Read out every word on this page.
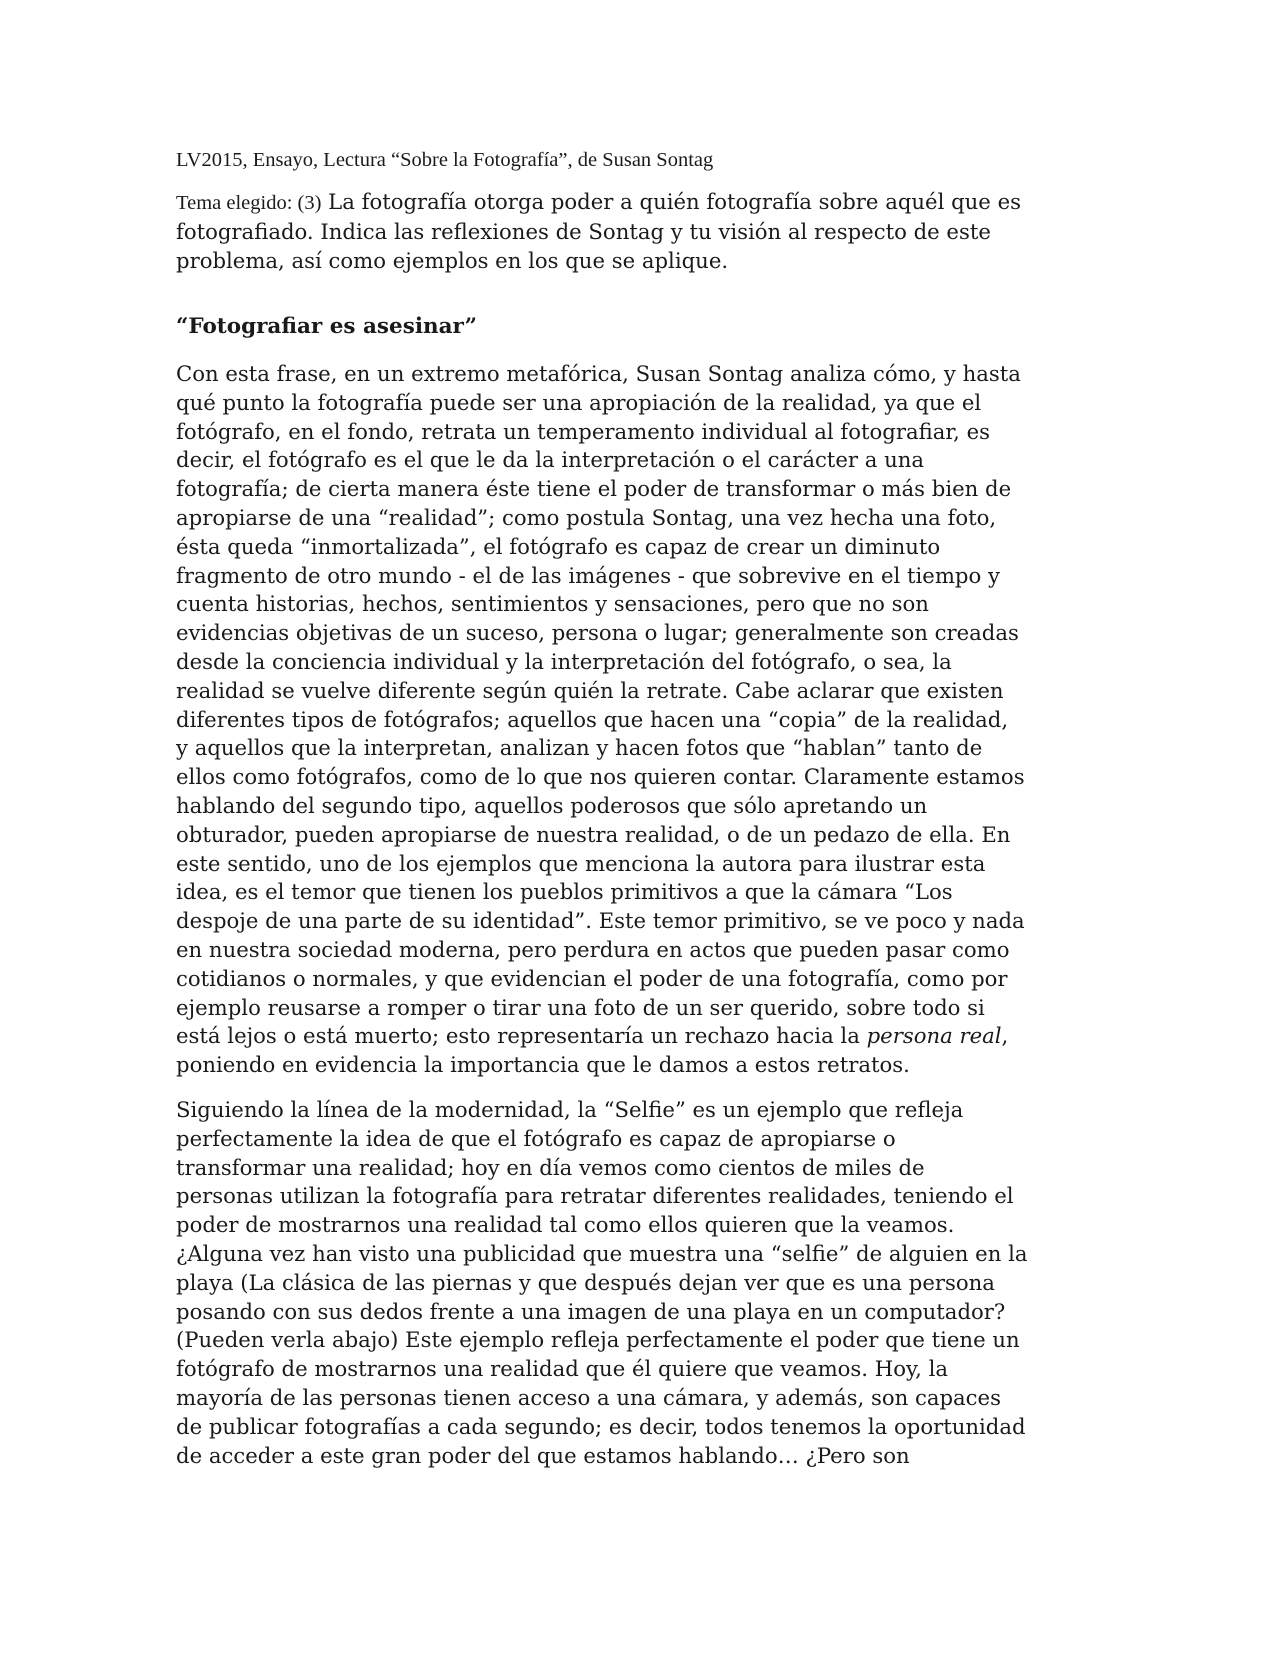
LV2015, Ensayo, Lectura “Sobre la Fotografía”, de Susan Sontag

Tema elegido: (3) La fotografía otorga poder a quién fotografía sobre aquél que es
fotografiado. Indica las reflexiones de Sontag y tu visión al respecto de este
problema, así como ejemplos en los que se aplique.

“Fotografiar es asesinar”

Con esta frase, en un extremo metafórica, Susan Sontag analiza cómo, y hasta
qué punto la fotografía puede ser una apropiación de la realidad, ya que el
fotógrafo, en el fondo, retrata un temperamento individual al fotografiar, es
decir, el fotógrafo es el que le da la interpretación o el carácter a una
fotografía; de cierta manera éste tiene el poder de transformar o más bien de
apropiarse de una “realidad”; como postula Sontag, una vez hecha una foto,
ésta queda “inmortalizada”, el fotógrafo es capaz de crear un diminuto
fragmento de otro mundo - el de las imágenes - que sobrevive en el tiempo y
cuenta historias, hechos, sentimientos y sensaciones, pero que no son
evidencias objetivas de un suceso, persona o lugar; generalmente son creadas
desde la conciencia individual y la interpretación del fotógrafo, o sea, la
realidad se vuelve diferente según quién la retrate. Cabe aclarar que existen
diferentes tipos de fotógrafos; aquellos que hacen una “copia” de la realidad,
y aquellos que la interpretan, analizan y hacen fotos que “hablan” tanto de
ellos como fotógrafos, como de lo que nos quieren contar. Claramente estamos
hablando del segundo tipo, aquellos poderosos que sólo apretando un
obturador, pueden apropiarse de nuestra realidad, o de un pedazo de ella. En
este sentido, uno de los ejemplos que menciona la autora para ilustrar esta
idea, es el temor que tienen los pueblos primitivos a que la cámara “Los
despoje de una parte de su identidad”. Este temor primitivo, se ve poco y nada
en nuestra sociedad moderna, pero perdura en actos que pueden pasar como
cotidianos o normales, y que evidencian el poder de una fotografía, como por
ejemplo reusarse a romper o tirar una foto de un ser querido, sobre todo si
está lejos o está muerto; esto representaría un rechazo hacia la persona real,
poniendo en evidencia la importancia que le damos a estos retratos.

Siguiendo la línea de la modernidad, la “Selfie” es un ejemplo que refleja
perfectamente la idea de que el fotógrafo es capaz de apropiarse o
transformar una realidad; hoy en día vemos como cientos de miles de
personas utilizan la fotografía para retratar diferentes realidades, teniendo el
poder de mostrarnos una realidad tal como ellos quieren que la veamos.
¿Alguna vez han visto una publicidad que muestra una “selfie” de alguien en la
playa (La clásica de las piernas y que después dejan ver que es una persona
posando con sus dedos frente a una imagen de una playa en un computador?
(Pueden verla abajo) Este ejemplo refleja perfectamente el poder que tiene un
fotógrafo de mostrarnos una realidad que él quiere que veamos. Hoy, la
mayoría de las personas tienen acceso a una cámara, y además, son capaces
de publicar fotografías a cada segundo; es decir, todos tenemos la oportunidad
de acceder a este gran poder del que estamos hablando… ¿Pero son
